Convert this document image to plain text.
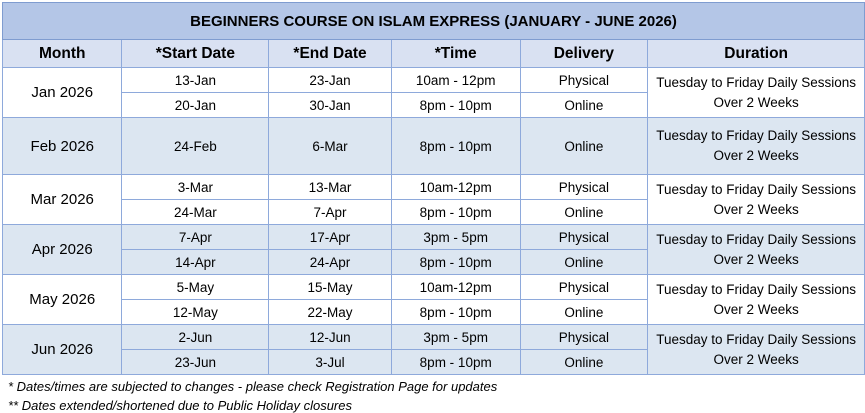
BEGINNERS COURSE ON ISLAM EXPRESS (JANUARY - JUNE 2026)					
Month	*Start Date	*End Date	*Time	Delivery	Duration
Jan 2026	13-Jan	23-Jan	10am - 12pm	Physical	Tuesday to Friday Daily Sessions Over 2 Weeks
	20-Jan	30-Jan	8pm - 10pm	Online	
Feb 2026	24-Feb	6-Mar	8pm - 10pm	Online	Tuesday to Friday Daily Sessions Over 2 Weeks
Mar 2026	3-Mar	13-Mar	10am-12pm	Physical	Tuesday to Friday Daily Sessions Over 2 Weeks
	24-Mar	7-Apr	8pm - 10pm	Online	
Apr 2026	7-Apr	17-Apr	3pm - 5pm	Physical	Tuesday to Friday Daily Sessions Over 2 Weeks
	14-Apr	24-Apr	8pm - 10pm	Online	
May 2026	5-May	15-May	10am-12pm	Physical	Tuesday to Friday Daily Sessions Over 2 Weeks
	12-May	22-May	8pm - 10pm	Online	
Jun 2026	2-Jun	12-Jun	3pm - 5pm	Physical	Tuesday to Friday Daily Sessions Over 2 Weeks
	23-Jun	3-Jul	8pm - 10pm	Online	
* Dates/times are subjected to changes - please check Registration Page for updates
** Dates extended/shortened due to Public Holiday closures
